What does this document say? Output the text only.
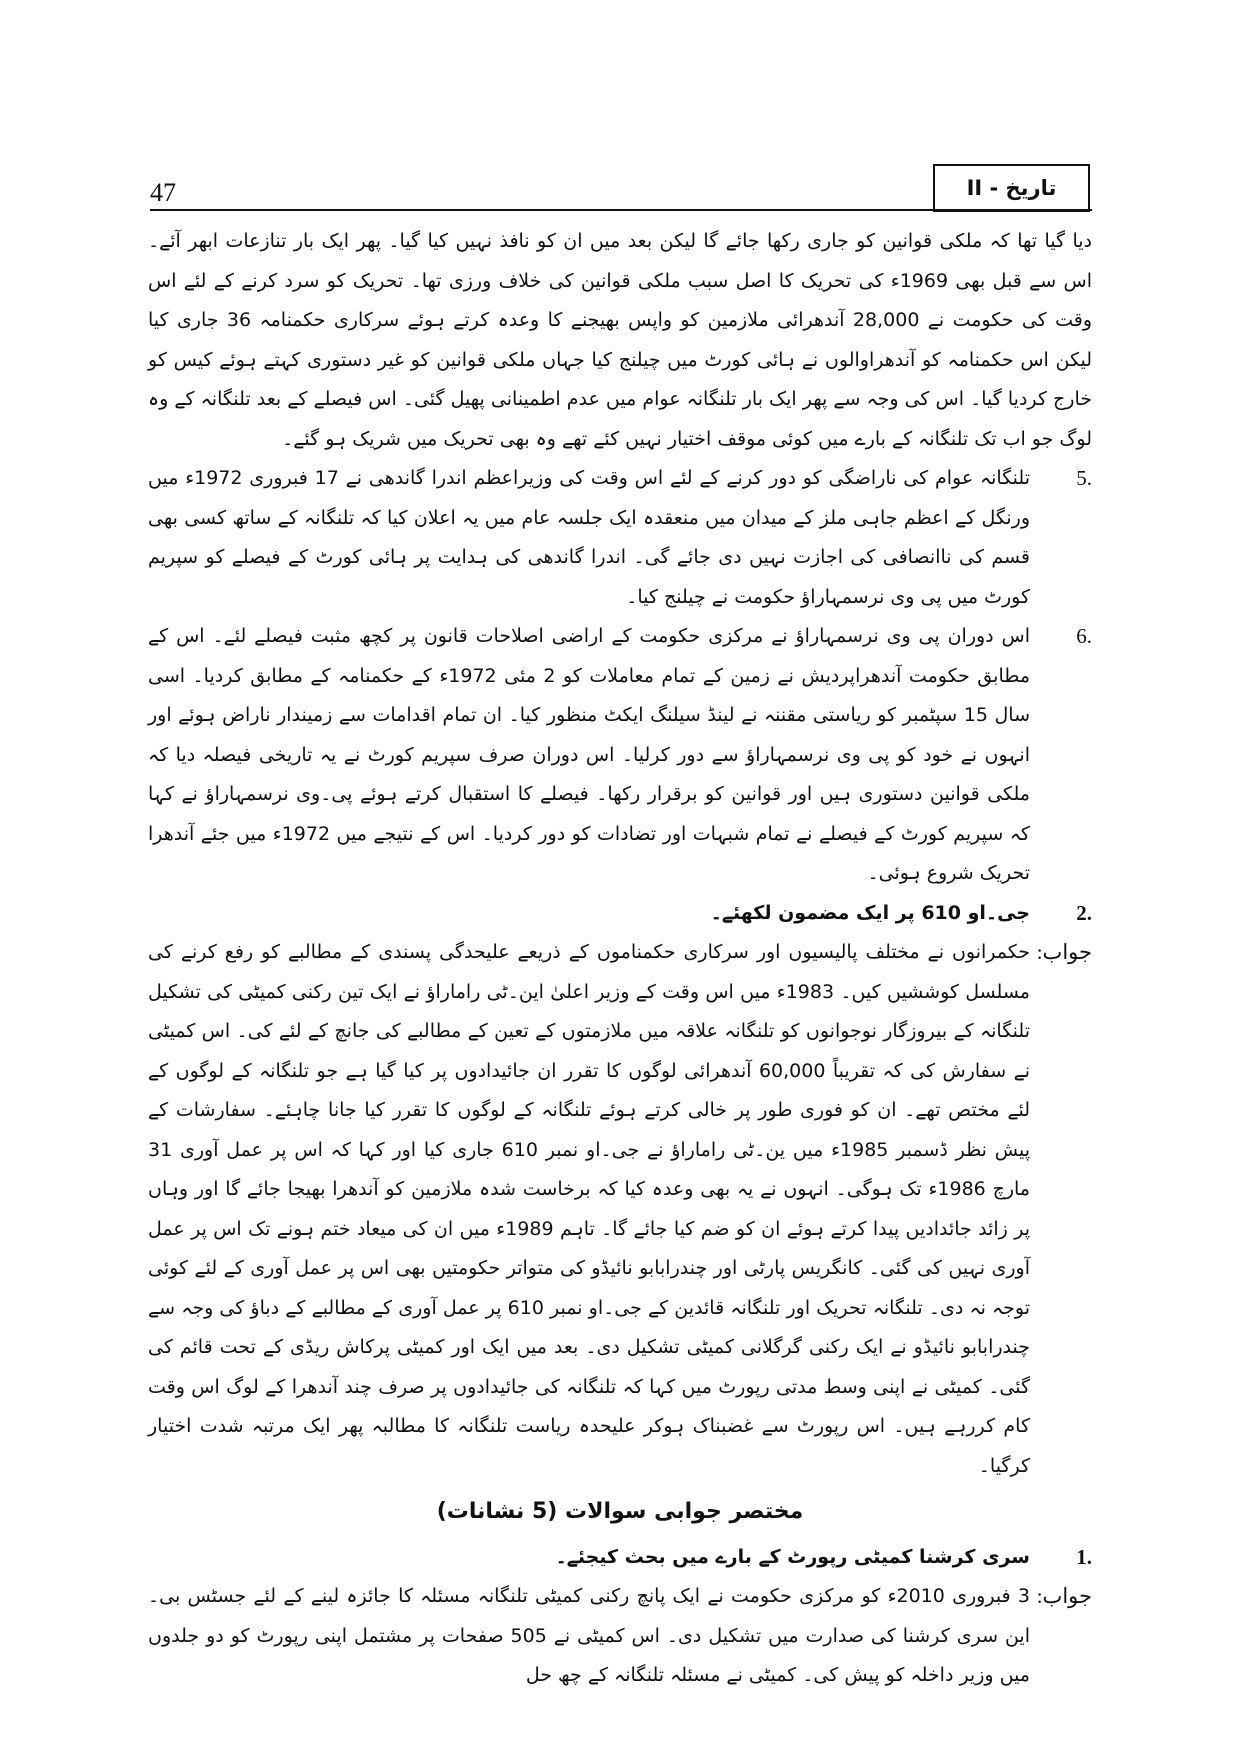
47	تاریخ - II

دیا گیا تھا کہ ملکی قوانین کو جاری رکھا جائے گا لیکن بعد میں ان کو نافذ نہیں کیا گیا۔ پھر ایک بار تنازعات ابھر آئے۔ اس سے قبل بھی 1969ء کی تحریک کا اصل سبب ملکی قوانین کی خلاف ورزی تھا۔ تحریک کو سرد کرنے کے لئے اس وقت کی حکومت نے 28,000 آندھرائی ملازمین کو واپس بھیجنے کا وعدہ کرتے ہوئے سرکاری حکمنامہ 36 جاری کیا لیکن اس حکمنامہ کو آندھراوالوں نے ہائی کورٹ میں چیلنج کیا جہاں ملکی قوانین کو غیر دستوری کہتے ہوئے کیس کو خارج کردیا گیا۔ اس کی وجہ سے پھر ایک بار تلنگانہ عوام میں عدم اطمینانی پھیل گئی۔ اس فیصلے کے بعد تلنگانہ کے وہ لوگ جو اب تک تلنگانہ کے بارے میں کوئی موقف اختیار نہیں کئے تھے وہ بھی تحریک میں شریک ہو گئے۔

.5
تلنگانہ عوام کی ناراضگی کو دور کرنے کے لئے اس وقت کی وزیراعظم اندرا گاندھی نے 17 فبروری 1972ء میں ورنگل کے اعظم جاہی ملز کے میدان میں منعقدہ ایک جلسہ عام میں یہ اعلان کیا کہ تلنگانہ کے ساتھ کسی بھی قسم کی ناانصافی کی اجازت نہیں دی جائے گی۔ اندرا گاندھی کی ہدایت پر ہائی کورٹ کے فیصلے کو سپریم کورٹ میں پی وی نرسمہاراؤ حکومت نے چیلنج کیا۔
.6
اس دوران پی وی نرسمہاراؤ نے مرکزی حکومت کے اراضی اصلاحات قانون پر کچھ مثبت فیصلے لئے۔ اس کے مطابق حکومت آندھراپردیش نے زمین کے تمام معاملات کو 2 مئی 1972ء کے حکمنامہ کے مطابق کردیا۔ اسی سال 15 سپٹمبر کو ریاستی مقننہ نے لینڈ سیلنگ ایکٹ منظور کیا۔ ان تمام اقدامات سے زمیندار ناراض ہوئے اور انہوں نے خود کو پی وی نرسمہاراؤ سے دور کرلیا۔ اس دوران صرف سپریم کورٹ نے یہ تاریخی فیصلہ دیا کہ ملکی قوانین دستوری ہیں اور قوانین کو برقرار رکھا۔ فیصلے کا استقبال کرتے ہوئے پی۔وی نرسمہاراؤ نے کہا کہ سپریم کورٹ کے فیصلے نے تمام شبہات اور تضادات کو دور کردیا۔ اس کے نتیجے میں 1972ء میں جئے آندھرا تحریک شروع ہوئی۔
.2
جی۔او 610 پر ایک مضمون لکھئے۔
جواب:
حکمرانوں نے مختلف پالیسیوں اور سرکاری حکمناموں کے ذریعے علیحدگی پسندی کے مطالبے کو رفع کرنے کی مسلسل کوششیں کیں۔ 1983ء میں اس وقت کے وزیر اعلیٰ این۔ٹی راماراؤ نے ایک تین رکنی کمیٹی کی تشکیل تلنگانہ کے بیروزگار نوجوانوں کو تلنگانہ علاقہ میں ملازمتوں کے تعین کے مطالبے کی جانچ کے لئے کی۔ اس کمیٹی نے سفارش کی کہ تقریباً 60,000 آندھرائی لوگوں کا تقرر ان جائیدادوں پر کیا گیا ہے جو تلنگانہ کے لوگوں کے لئے مختص تھے۔ ان کو فوری طور پر خالی کرتے ہوئے تلنگانہ کے لوگوں کا تقرر کیا جانا چاہئے۔ سفارشات کے پیش نظر ڈسمبر 1985ء میں ین۔ٹی راماراؤ نے جی۔او نمبر 610 جاری کیا اور کہا کہ اس پر عمل آوری 31 مارچ 1986ء تک ہوگی۔ انہوں نے یہ بھی وعدہ کیا کہ برخاست شدہ ملازمین کو آندھرا بھیجا جائے گا اور وہاں پر زائد جائدادیں پیدا کرتے ہوئے ان کو ضم کیا جائے گا۔ تاہم 1989ء میں ان کی میعاد ختم ہونے تک اس پر عمل آوری نہیں کی گئی۔ کانگریس پارٹی اور چندرابابو نائیڈو کی متواتر حکومتیں بھی اس پر عمل آوری کے لئے کوئی توجہ نہ دی۔ تلنگانہ تحریک اور تلنگانہ قائدین کے جی۔او نمبر 610 پر عمل آوری کے مطالبے کے دباؤ کی وجہ سے چندرابابو نائیڈو نے ایک رکنی گرگلانی کمیٹی تشکیل دی۔ بعد میں ایک اور کمیٹی پرکاش ریڈی کے تحت قائم کی گئی۔ کمیٹی نے اپنی وسط مدتی رپورٹ میں کہا کہ تلنگانہ کی جائیدادوں پر صرف چند آندھرا کے لوگ اس وقت کام کررہے ہیں۔ اس رپورٹ سے غضبناک ہوکر علیحدہ ریاست تلنگانہ کا مطالبہ پھر ایک مرتبہ شدت اختیار کرگیا۔
مختصر جوابی سوالات (5 نشانات)
.1
سری کرشنا کمیٹی رپورٹ کے بارے میں بحث کیجئے۔
جواب:
3 فبروری 2010ء کو مرکزی حکومت نے ایک پانچ رکنی کمیٹی تلنگانہ مسئلہ کا جائزہ لینے کے لئے جسٹس بی۔ این سری کرشنا کی صدارت میں تشکیل دی۔ اس کمیٹی نے 505 صفحات پر مشتمل اپنی رپورٹ کو دو جلدوں میں وزیر داخلہ کو پیش کی۔ کمیٹی نے مسئلہ تلنگانہ کے چھ حل
